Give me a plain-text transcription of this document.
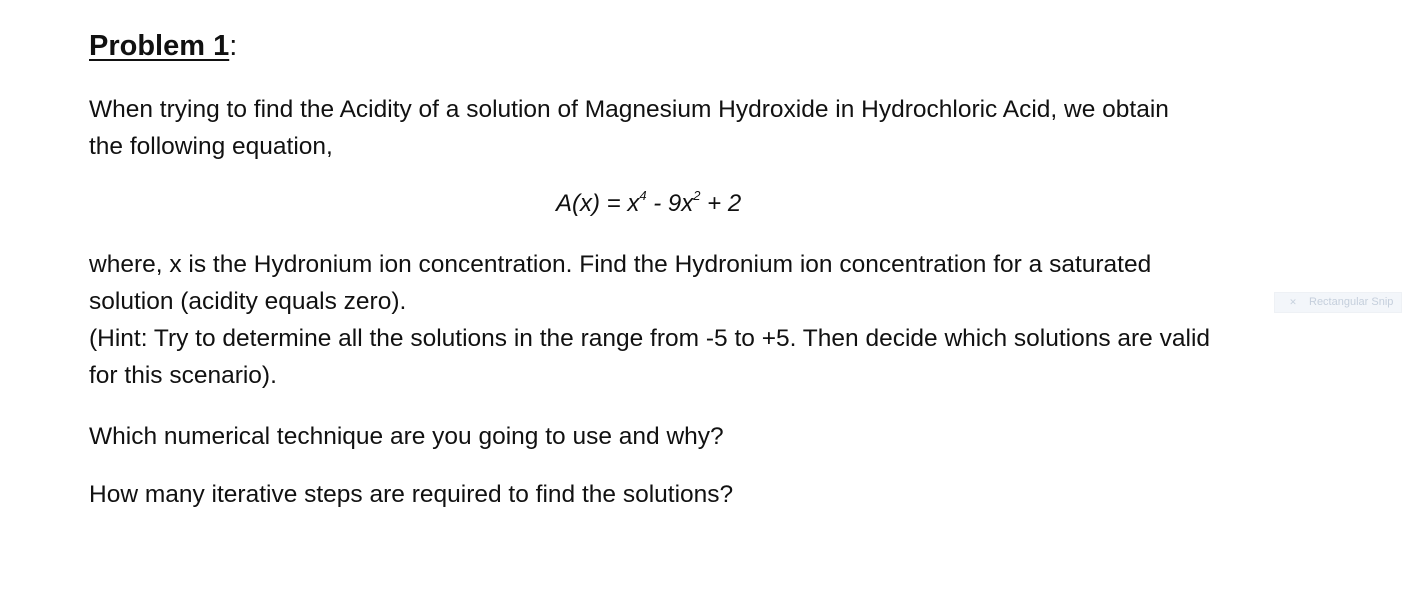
Problem 1:
When trying to find the Acidity of a solution of Magnesium Hydroxide in Hydrochloric Acid, we obtain
the following equation,
$A(x) = x^4 - 9x^2 + 2$
where, x is the Hydronium ion concentration. Find the Hydronium ion concentration for a saturated
solution (acidity equals zero).
(Hint: Try to determine all the solutions in the range from -5 to +5. Then decide which solutions are valid
for this scenario).
Which numerical technique are you going to use and why?
How many iterative steps are required to find the solutions?
✕ Rectangular Snip
